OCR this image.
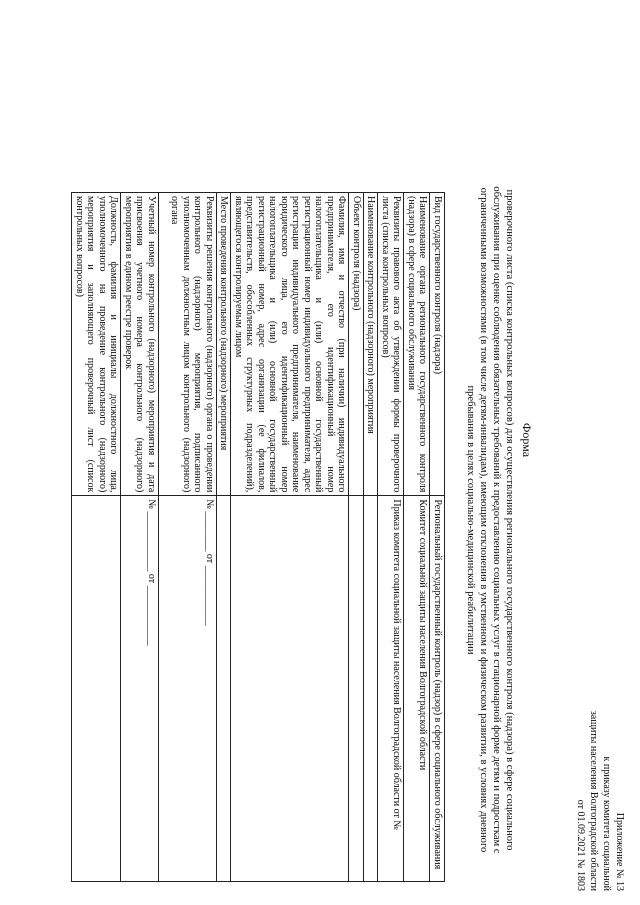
Приложение № 13
к приказу комитета социальной
защиты населения Волгоградской области
от 01.09.2021 № 1803
Форма
проверочного листа (списка контрольных вопросов) для осуществления регионального государственного контроля (надзора) в сфере социального обслуживания при оценке соблюдения обязательных требований к предоставлению социальных услуг в стационарной форме детям и подросткам с ограниченными возможностями (в том числе детям-инвалидам), имеющим отклонения в умственном и физическом развитии, в условиях дневного пребывания в целях социально-медицинской реабилитации
Вид государственного контроля (надзора)	Региональный государственный контроль (надзор) в сфере социального обслуживания
Наименование органа регионального государственного контроля (надзора) в сфере социального обслуживания	Комитет социальной защиты населения Волгоградской области
Реквизиты правового акта об утверждении формы проверочного листа (списка контрольных вопросов)	Приказ комитета социальной защиты населения Волгоградской области от №
Наименование контрольного (надзорного) мероприятия	
Объект контроля (надзора)	
Фамилия, имя и отчество (при наличии) индивидуального предпринимателя, его идентификационный номер налогоплательщика и (или) основной государственный регистрационный номер индивидуального предпринимателя, адрес регистрации индивидуального предпринимателя, наименование юридического лица, его идентификационный номер налогоплательщика и (или) основной государственный регистрационный номер, адрес организации (ее филиалов, представительств, обособленных структурных подразделений), являющегося контролируемым лицом	
Место проведения контрольного (надзорного) мероприятия	
Реквизиты решения контрольного (надзорного) органа о проведении контрольного (надзорного) мероприятия, подписанного уполномоченным должностным лицом контрольного (надзорного) органа	№ ________ от ____________
Учетный номер контрольного (надзорного) мероприятия и дата присвоения учетного номера контрольного (надзорного) мероприятия в едином реестре проверок	№ ____________ от ____________
Должность, фамилия и инициалы должностного лица, уполномоченного на проведение контрольного (надзорного) мероприятия и заполняющего проверочный лист (список контрольных вопросов)	
